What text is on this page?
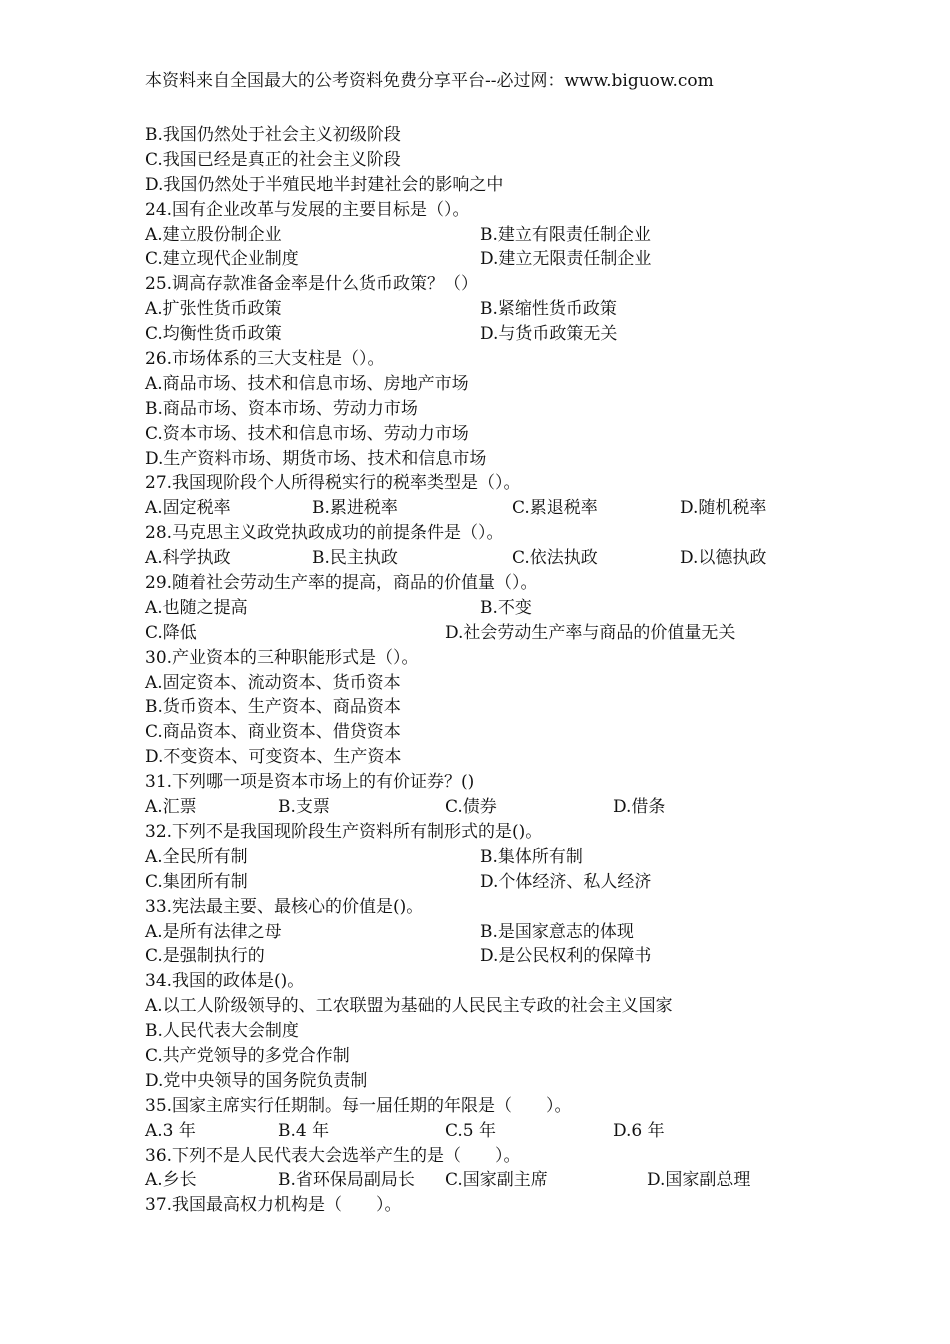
本资料来自全国最大的公考资料免费分享平台--必过网：www.biguow.com
B.我国仍然处于社会主义初级阶段
C.我国已经是真正的社会主义阶段
D.我国仍然处于半殖民地半封建社会的影响之中
24.国有企业改革与发展的主要目标是（）。
A.建立股份制企业	B.建立有限责任制企业
C.建立现代企业制度	D.建立无限责任制企业
25.调高存款准备金率是什么货币政策？（）
A.扩张性货币政策	B.紧缩性货币政策
C.均衡性货币政策	D.与货币政策无关
26.市场体系的三大支柱是（）。
A.商品市场、技术和信息市场、房地产市场
B.商品市场、资本市场、劳动力市场
C.资本市场、技术和信息市场、劳动力市场
D.生产资料市场、期货市场、技术和信息市场
27.我国现阶段个人所得税实行的税率类型是（）。
A.固定税率	B.累进税率	C.累退税率	D.随机税率
28.马克思主义政党执政成功的前提条件是（）。
A.科学执政	B.民主执政	C.依法执政	D.以德执政
29.随着社会劳动生产率的提高，商品的价值量（）。
A.也随之提高	B.不变
C.降低	D.社会劳动生产率与商品的价值量无关
30.产业资本的三种职能形式是（）。
A.固定资本、流动资本、货币资本
B.货币资本、生产资本、商品资本
C.商品资本、商业资本、借贷资本
D.不变资本、可变资本、生产资本
31.下列哪一项是资本市场上的有价证券？()
A.汇票	B.支票	C.债券	D.借条
32.下列不是我国现阶段生产资料所有制形式的是()。
A.全民所有制	B.集体所有制
C.集团所有制	D.个体经济、私人经济
33.宪法最主要、最核心的价值是()。
A.是所有法律之母	B.是国家意志的体现
C.是强制执行的	D.是公民权利的保障书
34.我国的政体是()。
A.以工人阶级领导的、工农联盟为基础的人民民主专政的社会主义国家
B.人民代表大会制度
C.共产党领导的多党合作制
D.党中央领导的国务院负责制
35.国家主席实行任期制。每一届任期的年限是（　　）。
A.3 年	B.4 年	C.5 年	D.6 年
36.下列不是人民代表大会选举产生的是（　　）。
A.乡长	B.省环保局副局长 C.国家副主席	D.国家副总理
37.我国最高权力机构是（　　）。
